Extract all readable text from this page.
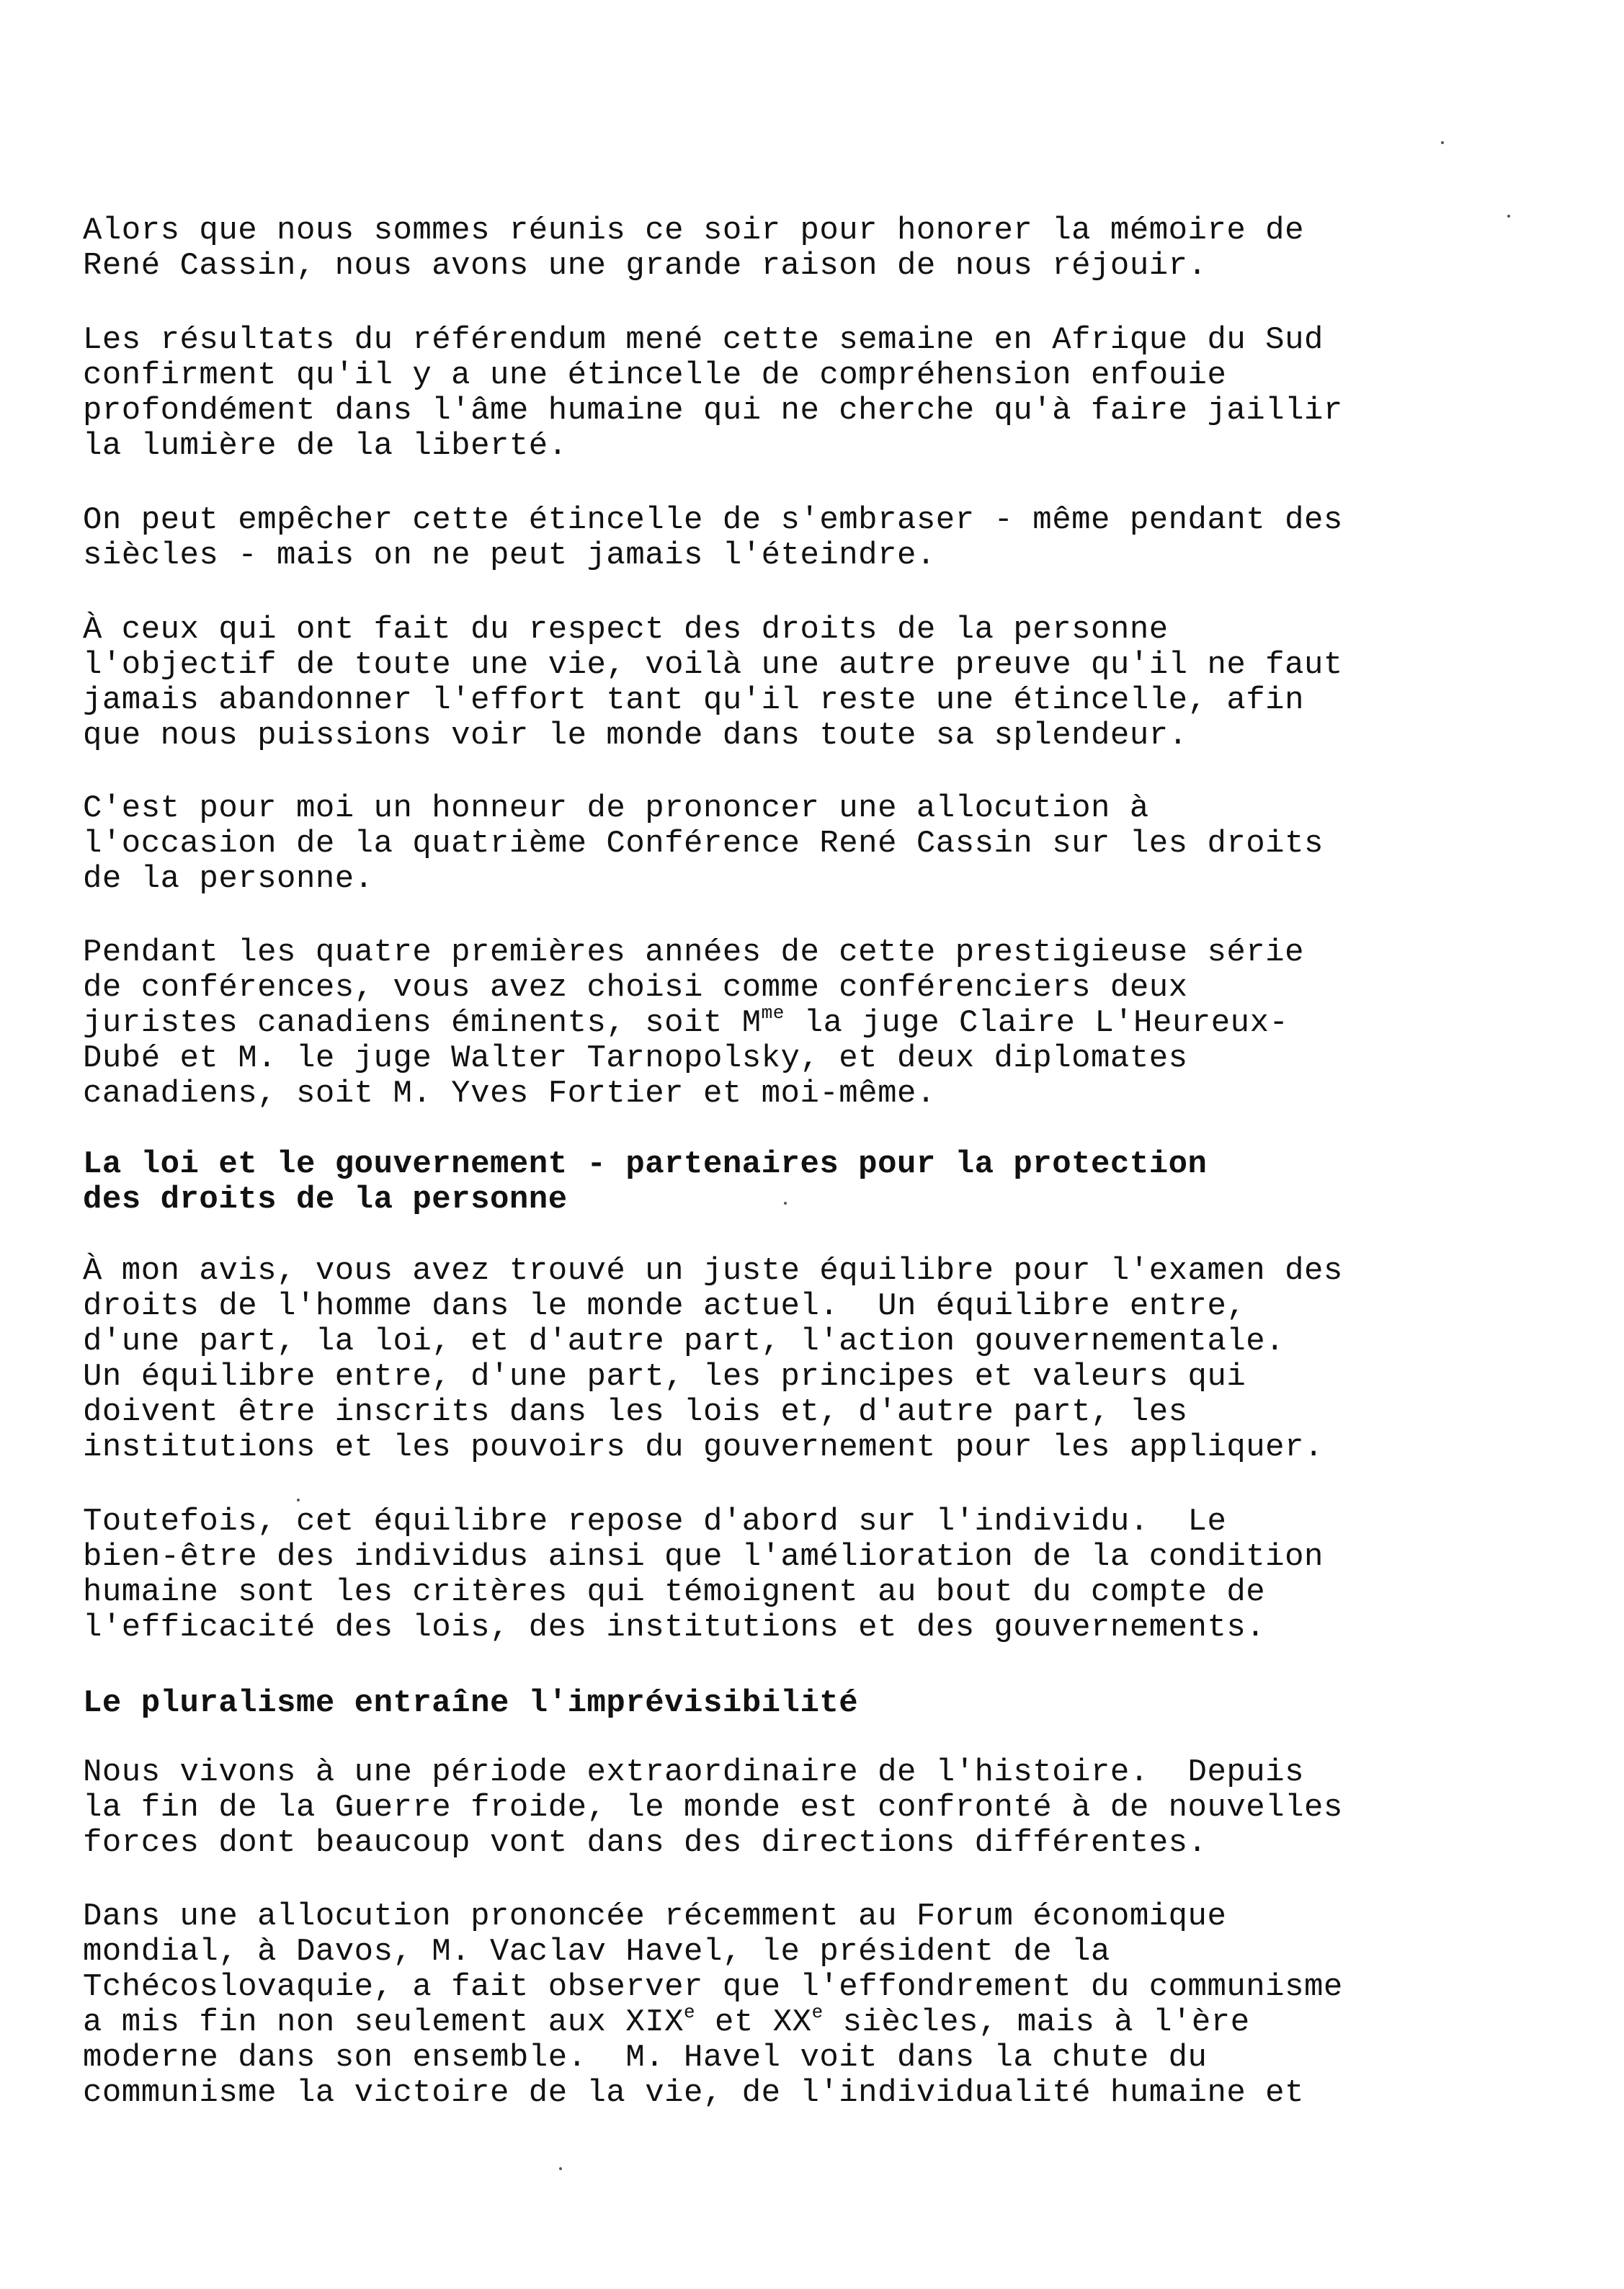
Alors que nous sommes réunis ce soir pour honorer la mémoire de
René Cassin, nous avons une grande raison de nous réjouir.
Les résultats du référendum mené cette semaine en Afrique du Sud
confirment qu'il y a une étincelle de compréhension enfouie
profondément dans l'âme humaine qui ne cherche qu'à faire jaillir
la lumière de la liberté.
On peut empêcher cette étincelle de s'embraser - même pendant des
siècles - mais on ne peut jamais l'éteindre.
À ceux qui ont fait du respect des droits de la personne
l'objectif de toute une vie, voilà une autre preuve qu'il ne faut
jamais abandonner l'effort tant qu'il reste une étincelle, afin
que nous puissions voir le monde dans toute sa splendeur.
C'est pour moi un honneur de prononcer une allocution à
l'occasion de la quatrième Conférence René Cassin sur les droits
de la personne.
Pendant les quatre premières années de cette prestigieuse série
de conférences, vous avez choisi comme conférenciers deux
juristes canadiens éminents, soit $M^{me}$ la juge Claire L'Heureux-
Dubé et M. le juge Walter Tarnopolsky, et deux diplomates
canadiens, soit M. Yves Fortier et moi-même.
La loi et le gouvernement - partenaires pour la protection
des droits de la personne
À mon avis, vous avez trouvé un juste équilibre pour l'examen des
droits de l'homme dans le monde actuel.  Un équilibre entre,
d'une part, la loi, et d'autre part, l'action gouvernementale.
Un équilibre entre, d'une part, les principes et valeurs qui
doivent être inscrits dans les lois et, d'autre part, les
institutions et les pouvoirs du gouvernement pour les appliquer.
Toutefois, cet équilibre repose d'abord sur l'individu.  Le
bien-être des individus ainsi que l'amélioration de la condition
humaine sont les critères qui témoignent au bout du compte de
l'efficacité des lois, des institutions et des gouvernements.
Le pluralisme entraîne l'imprévisibilité
Nous vivons à une période extraordinaire de l'histoire.  Depuis
la fin de la Guerre froide, le monde est confronté à de nouvelles
forces dont beaucoup vont dans des directions différentes.
Dans une allocution prononcée récemment au Forum économique
mondial, à Davos, M. Vaclav Havel, le président de la
Tchécoslovaquie, a fait observer que l'effondrement du communisme
a mis fin non seulement aux XIXe et XXe siècles, mais à l'ère
moderne dans son ensemble.  M. Havel voit dans la chute du
communisme la victoire de la vie, de l'individualité humaine et
